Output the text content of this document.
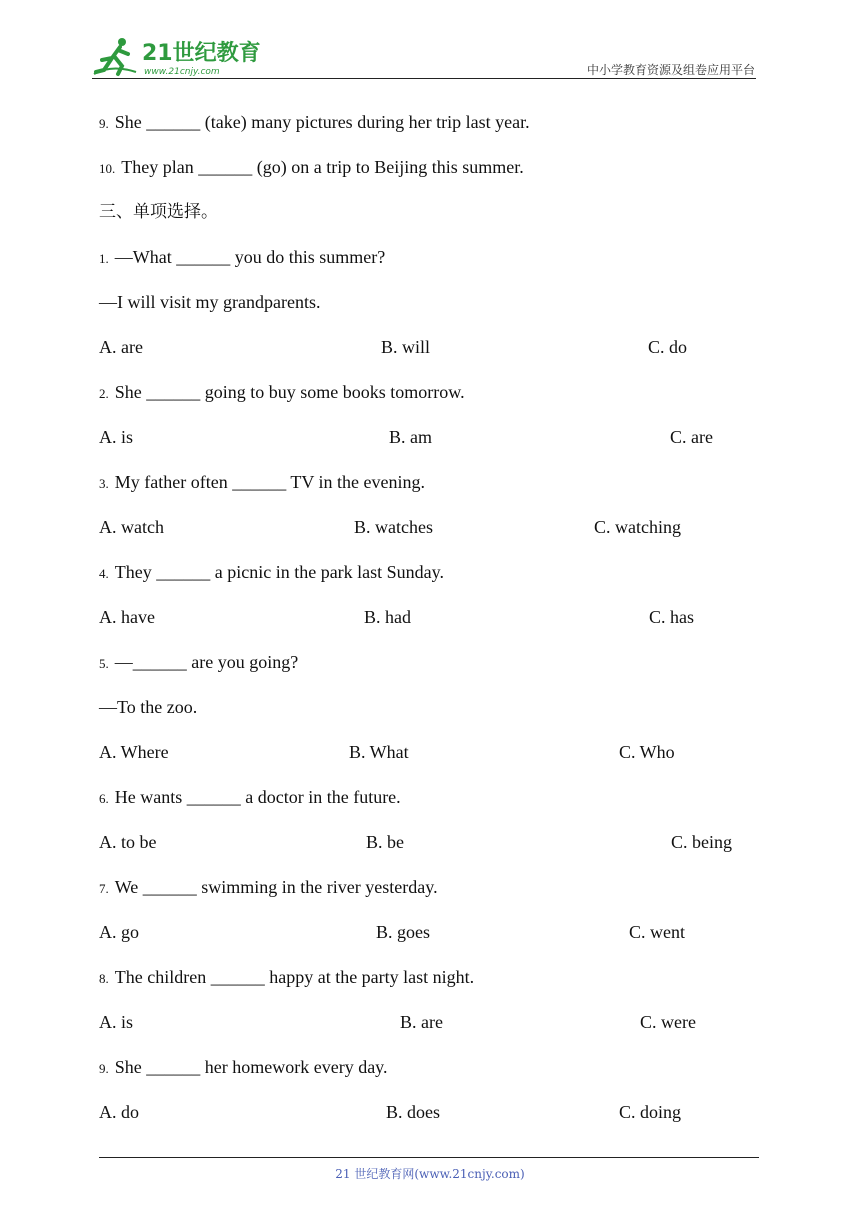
21世纪教育
www.21cnjy.com	中小学教育资源及组卷应用平台
9. She ______ (take) many pictures during her trip last year.
10. They plan ______ (go) on a trip to Beijing this summer.
三、单项选择。
1. —What ______ you do this summer?
—I will visit my grandparents.
A. are	B. will	C. do
2. She ______ going to buy some books tomorrow.
A. is	B. am	C. are
3. My father often ______ TV in the evening.
A. watch	B. watches	C. watching
4. They ______ a picnic in the park last Sunday.
A. have	B. had	C. has
5. —______ are you going?
—To the zoo.
A. Where	B. What	C. Who
6. He wants ______ a doctor in the future.
A. to be	B. be	C. being
7. We ______ swimming in the river yesterday.
A. go	B. goes	C. went
8. The children ______ happy at the party last night.
A. is	B. are	C. were
9. She ______ her homework every day.
A. do	B. does	C. doing
21 世纪教育网(www.21cnjy.com)
